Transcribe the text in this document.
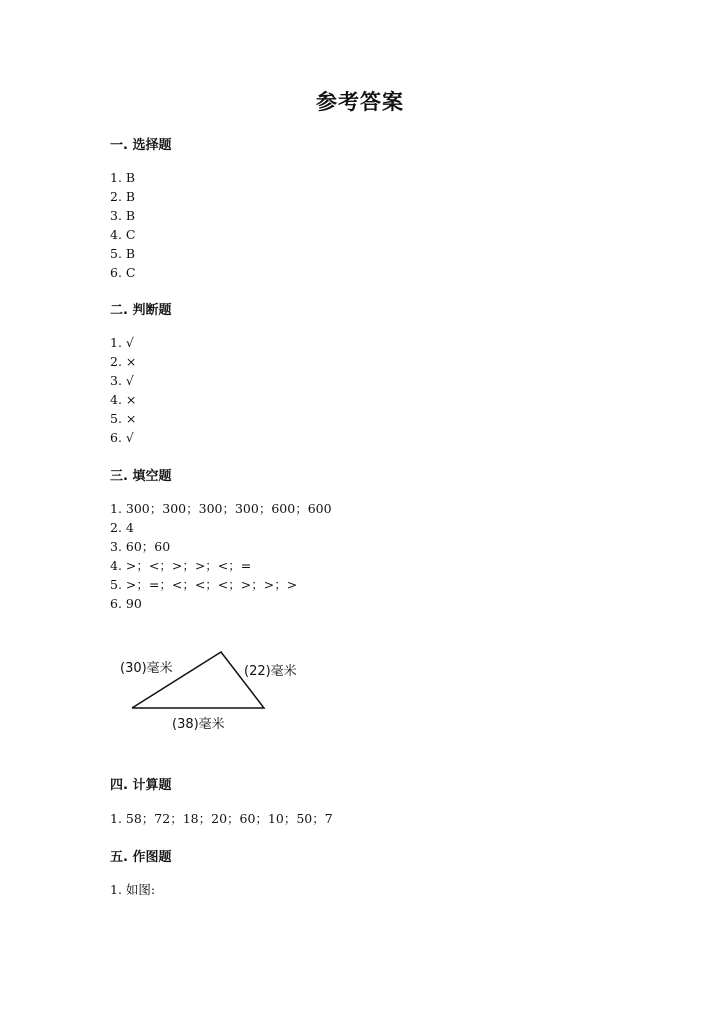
参考答案
一. 选择题
1. B
2. B
3. B
4. C
5. B
6. C
二. 判断题
1. √
2. ×
3. √
4. ×
5. ×
6. √
三. 填空题
1. 300；300；300；300；600；600
2. 4
3. 60；60
4. >；<；>；>；<；=
5. >；=；<；<；<；>；>；>
6. 90
(30)毫米	(22)毫米
(38)毫米
四. 计算题
1. 58；72；18；20；60；10；50；7
五. 作图题
1. 如图:
